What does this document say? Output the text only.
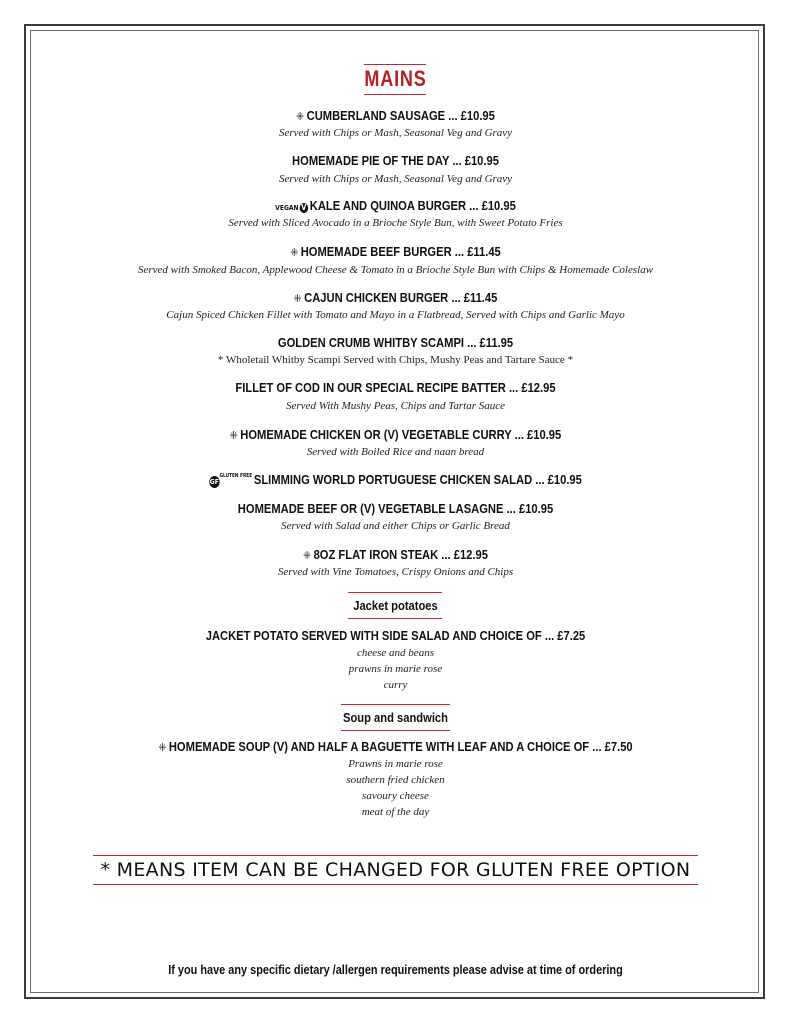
MAINS
⁜ CUMBERLAND SAUSAGE ... £10.95
Served with Chips or Mash, Seasonal Veg and Gravy
HOMEMADE PIE OF THE DAY ... £10.95
Served with Chips or Mash, Seasonal Veg and Gravy
VEGAN V KALE AND QUINOA BURGER ... £10.95
Served with Sliced Avocado in a Brioche Style Bun, with Sweet Potato Fries
⁜ HOMEMADE BEEF BURGER ... £11.45
Served with Smoked Bacon, Applewood Cheese & Tomato in a Brioche Style Bun with Chips & Homemade Coleslaw
⁜ CAJUN CHICKEN BURGER ... £11.45
Cajun Spiced Chicken Fillet with Tomato and Mayo in a Flatbread, Served with Chips and Garlic Mayo
GOLDEN CRUMB WHITBY SCAMPI ... £11.95
* Wholetail Whitby Scampi Served with Chips, Mushy Peas and Tartare Sauce *
FILLET OF COD IN OUR SPECIAL RECIPE BATTER ... £12.95
Served With Mushy Peas, Chips and Tartar Sauce
⁜ HOMEMADE CHICKEN OR (V) VEGETABLE CURRY ... £10.95
Served with Boiled Rice and naan bread
$GF^{GLUTEN FREE}$ SLIMMING WORLD PORTUGUESE CHICKEN SALAD ... £10.95
HOMEMADE BEEF OR (V) VEGETABLE LASAGNE ... £10.95
Served with Salad and either Chips or Garlic Bread
⁜ 8OZ FLAT IRON STEAK ... £12.95
Served with Vine Tomatoes, Crispy Onions and Chips
Jacket potatoes
JACKET POTATO SERVED WITH SIDE SALAD AND CHOICE OF ... £7.25
cheese and beans
prawns in marie rose
curry
Soup and sandwich
⁜ HOMEMADE SOUP (V) AND HALF A BAGUETTE WITH LEAF AND A CHOICE OF ... £7.50
Prawns in marie rose
southern fried chicken
savoury cheese
meat of the day
* MEANS ITEM CAN BE CHANGED FOR GLUTEN FREE OPTION
If you have any specific dietary /allergen requirements please advise at time of ordering
